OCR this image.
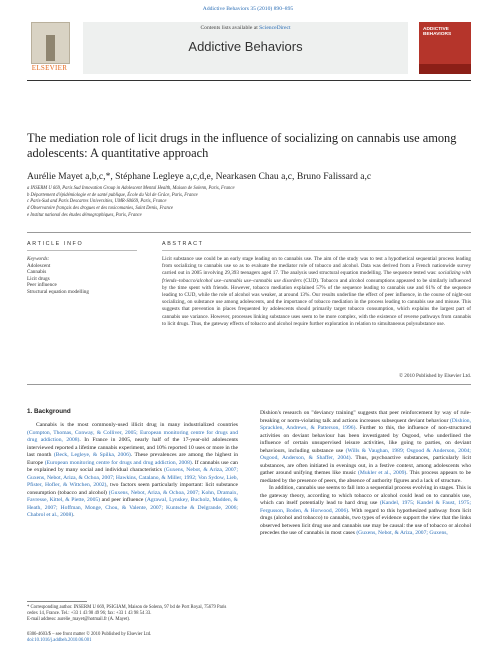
Addictive Behaviors 35 (2010) 890–895
ELSEVIER
Contents lists available at ScienceDirect
Addictive Behaviors
ADDICTIVE BEHAVIORS
The mediation role of licit drugs in the influence of socializing on cannabis use among adolescents: A quantitative approach
Aurélie Mayet a,b,c,*, Stéphane Legleye a,c,d,e, Nearkasen Chau a,c, Bruno Falissard a,c
a INSERM U 669, Paris Sud Innovation Group in Adolescent Mental Health, Maison de Solenn, Paris, France
b Département d'épidémiologie et de santé publique, École du Val de Grâce, Paris, France
c Paris-Sud and Paris Descartes Universities, UMR-S0669, Paris, France
d Observatoire français des drogues et des toxicomanies, Saint Denis, France
e Institut national des études démographiques, Paris, France
ARTICLE INFO	ABSTRACT
Keywords:
Adolescent
Cannabis
Licit drugs
Peer influence
Structural equation modelling
Licit substance use could be an early stage leading on to cannabis use. The aim of the study was to test a hypothetical sequential process leading from socializing to cannabis use so as to evaluate the mediator role of tobacco and alcohol. Data was derived from a French nationwide survey carried out in 2005 involving 29,393 teenagers aged 17. The analysis used structural equation modelling. The sequence tested was: socializing with friends–tobacco/alcohol use–cannabis use–cannabis use disorders (CUD). Tobacco and alcohol consumptions appeared to be similarly influenced by the time spent with friends. However, tobacco mediation explained 57% of the sequence leading to cannabis use and 61% of the sequence leading to CUD, while the role of alcohol was weaker, at around 13%. Our results underline the effect of peer influence, in the course of night-out socializing, on substance use among adolescents, and the importance of tobacco mediation in the process leading to cannabis use and misuse. This suggests that prevention in places frequented by adolescents should primarily target tobacco consumption, which explains the largest part of cannabis use variance. However, processes linking substance uses seem to be more complex, with the existence of reverse pathways from cannabis to licit drugs. Thus, the gateway effects of tobacco and alcohol require further exploration in relation to simultaneous polysubstance use.
© 2010 Published by Elsevier Ltd.
1. Background

Cannabis is the most commonly-used illicit drug in many industrialized countries (Compton, Thomas, Conway, & Colliver, 2005; European monitoring centre for drugs and drug addiction, 2008). In France in 2005, nearly half of the 17-year-old adolescents interviewed reported a lifetime cannabis experiment, and 10% reported 10 uses or more in the last month (Beck, Legleye, & Spilka, 2006). These prevalences are among the highest in Europe (European monitoring centre for drugs and drug addiction, 2008). If cannabis use can be explained by many social and individual characteristics (Guxens, Nebot, & Ariza, 2007; Guxens, Nebot, Ariza, & Ochoa, 2007; Hawkins, Catalano, & Miller, 1992; Von Sydow, Lieb, Pfister, Hofler, & Wittchen, 2002), two factors seem particularly important: licit substance consumption (tobacco and alcohol) (Guxens, Nebot, Ariza, & Ochoa, 2007; Kohn, Dramaix, Favresse, Kittel, & Piette, 2005) and peer influence (Agrawal, Lynskey, Bucholz, Madden, & Heath, 2007; Hoffman, Monge, Chou, & Valente, 2007; Kuntsche & Delgrande, 2006; Chabrol et al., 2008).

Dishion's research on "deviancy training" suggests that peer reinforcement by way of rule-breaking or norm-violating talk and actions increases subsequent deviant behaviour (Dishion, Spracklen, Andrews, & Patterson, 1996). Further to this, the influence of non-structured activities on deviant behaviour has been investigated by Osgood, who underlined the influence of certain unsupervised leisure activities, like going to parties, on deviant behaviours, including substance use (Wills & Vaughan, 1989; Osgood & Anderson, 2004; Osgood, Anderson, & Shaffer, 2004). Thus, psychoactive substances, particularly licit substances, are often initiated in evenings out, in a festive context, among adolescents who gather around unifying themes like music (Mukler et al., 2009). This process appears to be mediated by the presence of peers, the absence of authority figures and a lack of structure.

In addition, cannabis use seems to fall into a sequential process evolving in stages. This is the gateway theory, according to which tobacco or alcohol could lead on to cannabis use, which can itself potentially lead to hard drug use (Kandel, 1975; Kandel & Faust, 1975; Fergusson, Boden, & Horwood, 2006). With regard to this hypothesized pathway from licit drugs (alcohol and tobacco) to cannabis, two types of evidence support the view that the links observed between licit drug use and cannabis use may be causal: the use of tobacco or alcohol precedes the use of cannabis in most cases (Guxens, Nebot, & Ariza, 2007; Guxens,

* Corresponding author. INSERM U 669, PSIGIAM, Maison de Solenn, 97 bd de Port Royal, 75679 Paris cedex 14, France. Tel.: +33 1 43 98 49 96; fax: +33 1 43 98 54 33.
E-mail address: aurelie_mayet@hotmail.fr (A. Mayet).
0306-4603/$ – see front matter © 2010 Published by Elsevier Ltd.
doi:10.1016/j.addbeh.2010.06.001
